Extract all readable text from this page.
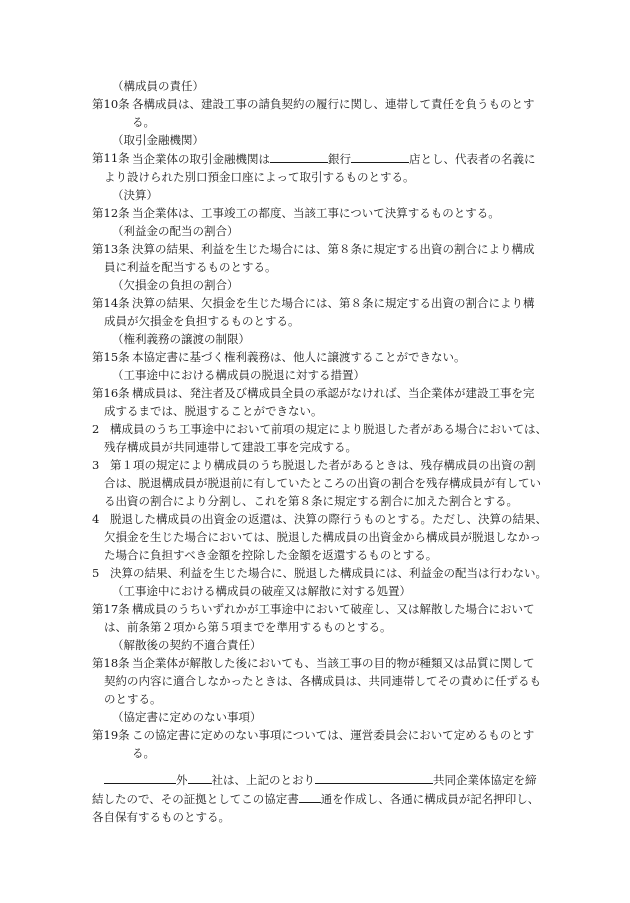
（構成員の責任）
第10条 各構成員は、建設工事の請負契約の履行に関し、連帯して責任を負うものとする。
（取引金融機関）
第11条 当企業体の取引金融機関は	銀行	店とし、代表者の名義に
より設けられた別口預金口座によって取引するものとする。
（決算）
第12条 当企業体は、工事竣工の都度、当該工事について決算するものとする。
（利益金の配当の割合）
第13条 決算の結果、利益を生じた場合には、第８条に規定する出資の割合により構成
員に利益を配当するものとする。
（欠損金の負担の割合）
第14条 決算の結果、欠損金を生じた場合には、第８条に規定する出資の割合により構
成員が欠損金を負担するものとする。
（権利義務の譲渡の制限）
第15条 本協定書に基づく権利義務は、他人に譲渡することができない。
（工事途中における構成員の脱退に対する措置）
第16条 構成員は、発注者及び構成員全員の承認がなければ、当企業体が建設工事を完
成するまでは、脱退することができない。
2 構成員のうち工事途中において前項の規定により脱退した者がある場合においては、
残存構成員が共同連帯して建設工事を完成する。
3 第１項の規定により構成員のうち脱退した者があるときは、残存構成員の出資の割
合は、脱退構成員が脱退前に有していたところの出資の割合を残存構成員が有してい
る出資の割合により分割し、これを第８条に規定する割合に加えた割合とする。
4 脱退した構成員の出資金の返還は、決算の際行うものとする。ただし、決算の結果、
欠損金を生じた場合においては、脱退した構成員の出資金から構成員が脱退しなかっ
た場合に負担すべき金額を控除した金額を返還するものとする。
5 決算の結果、利益を生じた場合に、脱退した構成員には、利益金の配当は行わない。
（工事途中における構成員の破産又は解散に対する処置）
第17条 構成員のうちいずれかが工事途中において破産し、又は解散した場合において
は、前条第２項から第５項までを準用するものとする。
（解散後の契約不適合責任）
第18条 当企業体が解散した後においても、当該工事の目的物が種類又は品質に関して
契約の内容に適合しなかったときは、各構成員は、共同連帯してその責めに任ずるも
のとする。
（協定書に定めのない事項）
第19条 この協定書に定めのない事項については、運営委員会において定めるものとする。
外 社は、上記のとおり	共同企業体協定を締
結したので、その証拠としてこの協定書 通を作成し、各通に構成員が記名押印し、
各自保有するものとする。
